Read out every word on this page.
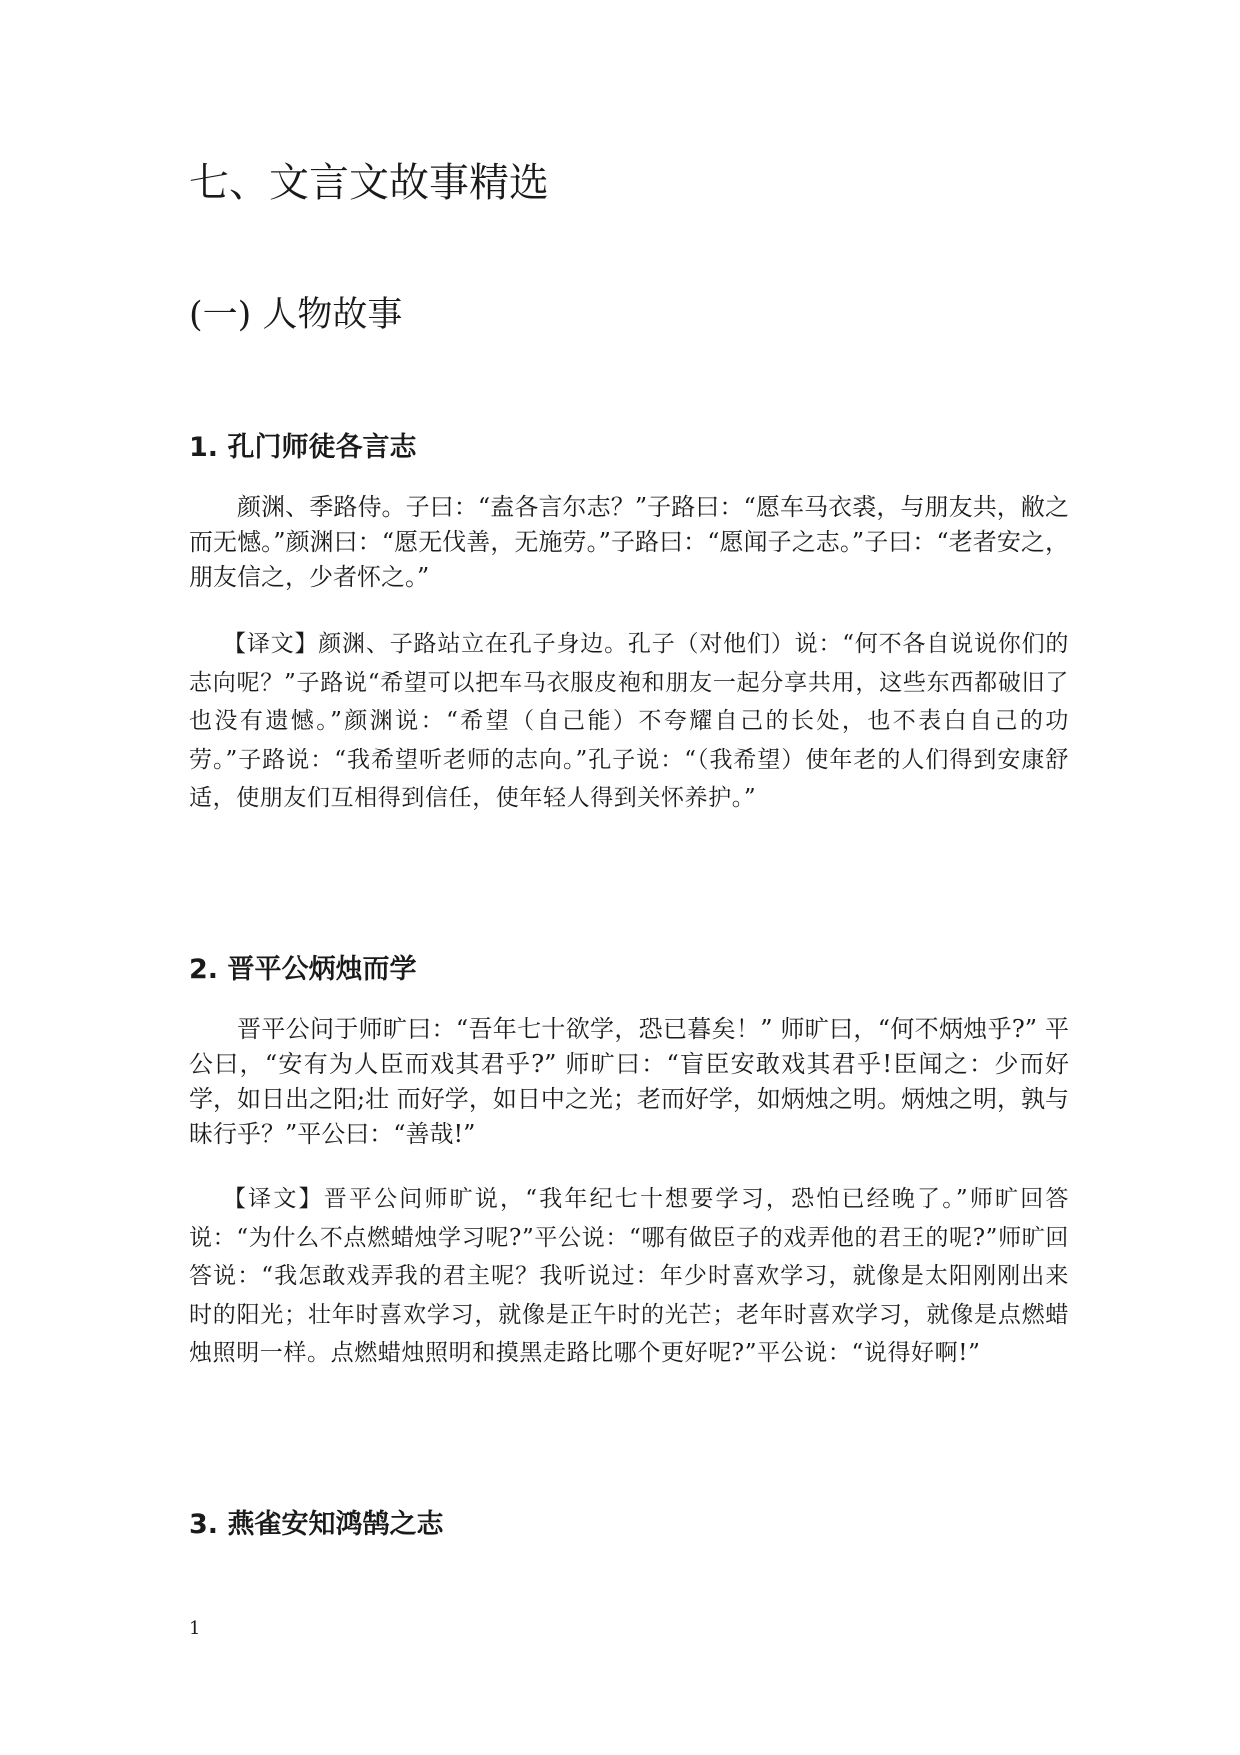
七、文言文故事精选
(一) 人物故事
1. 孔门师徒各言志

颜渊、季路侍。子曰：“盍各言尔志？”子路曰：“愿车马衣裘，与朋友共，敝之而无憾。”颜渊曰：“愿无伐善，无施劳。”子路曰：“愿闻子之志。”子曰：“老者安之，朋友信之，少者怀之。”

【译文】颜渊、子路站立在孔子身边。孔子（对他们）说：“何不各自说说你们的志向呢？”子路说“希望可以把车马衣服皮袍和朋友一起分享共用，这些东西都破旧了也没有遗憾。”颜渊说：“希望（自己能）不夸耀自己的长处，也不表白自己的功劳。”子路说：“我希望听老师的志向。”孔子说：“（我希望）使年老的人们得到安康舒适，使朋友们互相得到信任，使年轻人得到关怀养护。”

2. 晋平公炳烛而学

晋平公问于师旷曰：“吾年七十欲学，恐已暮矣！” 师旷曰，“何不炳烛乎?” 平公曰，“安有为人臣而戏其君乎?” 师旷曰：“盲臣安敢戏其君乎!臣闻之：少而好学，如日出之阳;壮 而好学，如日中之光；老而好学，如炳烛之明。炳烛之明，孰与昧行乎？”平公曰：“善哉!”

【译文】晋平公问师旷说，“我年纪七十想要学习，恐怕已经晚了。”师旷回答说：“为什么不点燃蜡烛学习呢?”平公说：“哪有做臣子的戏弄他的君王的呢?”师旷回答说：“我怎敢戏弄我的君主呢？我听说过：年少时喜欢学习，就像是太阳刚刚出来时的阳光；壮年时喜欢学习，就像是正午时的光芒；老年时喜欢学习，就像是点燃蜡烛照明一样。点燃蜡烛照明和摸黑走路比哪个更好呢?”平公说：“说得好啊!”

3. 燕雀安知鸿鹄之志
1
